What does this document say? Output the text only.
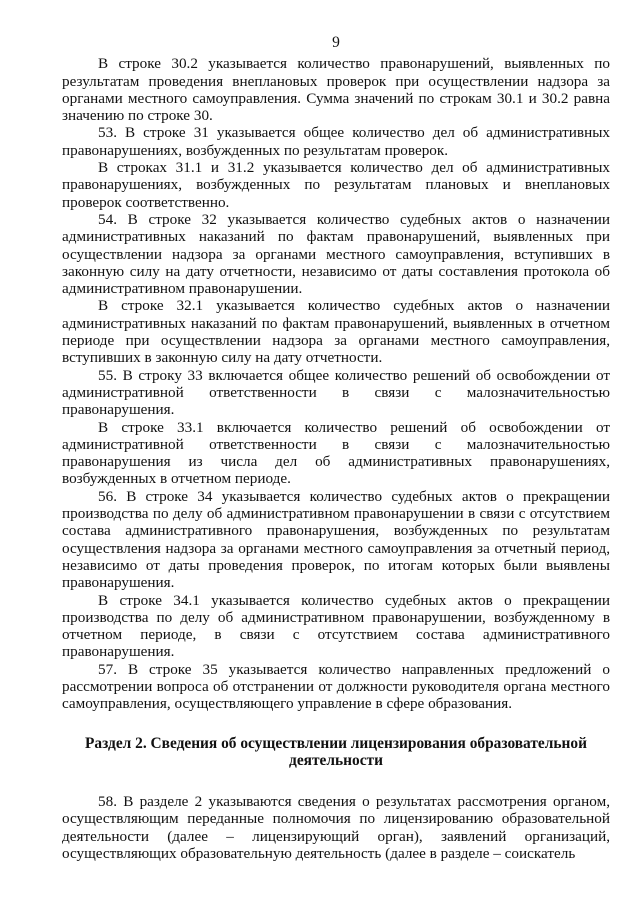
9

В строке 30.2 указывается количество правонарушений, выявленных по результатам проведения внеплановых проверок при осуществлении надзора за органами местного самоуправления. Сумма значений по строкам 30.1 и 30.2 равна значению по строке 30.

53. В строке 31 указывается общее количество дел об административных правонарушениях, возбужденных по результатам проверок.

В строках 31.1 и 31.2 указывается количество дел об административных правонарушениях, возбужденных по результатам плановых и внеплановых проверок соответственно.

54. В строке 32 указывается количество судебных актов о назначении административных наказаний по фактам правонарушений, выявленных при осуществлении надзора за органами местного самоуправления, вступивших в законную силу на дату отчетности, независимо от даты составления протокола об административном правонарушении.

В строке 32.1 указывается количество судебных актов о назначении административных наказаний по фактам правонарушений, выявленных в отчетном периоде при осуществлении надзора за органами местного самоуправления, вступивших в законную силу на дату отчетности.

55. В строку 33 включается общее количество решений об освобождении от административной ответственности в связи с малозначительностью правонарушения.

В строке 33.1 включается количество решений об освобождении от административной ответственности в связи с малозначительностью правонарушения из числа дел об административных правонарушениях, возбужденных в отчетном периоде.

56. В строке 34 указывается количество судебных актов о прекращении производства по делу об административном правонарушении в связи с отсутствием состава административного правонарушения, возбужденных по результатам осуществления надзора за органами местного самоуправления за отчетный период, независимо от даты проведения проверок, по итогам которых были выявлены правонарушения.

В строке 34.1 указывается количество судебных актов о прекращении производства по делу об административном правонарушении, возбужденному в отчетном периоде, в связи с отсутствием состава административного правонарушения.

57. В строке 35 указывается количество направленных предложений о рассмотрении вопроса об отстранении от должности руководителя органа местного самоуправления, осуществляющего управление в сфере образования.

Раздел 2. Сведения об осуществлении лицензирования образовательной деятельности

58. В разделе 2 указываются сведения о результатах рассмотрения органом, осуществляющим переданные полномочия по лицензированию образовательной деятельности (далее – лицензирующий орган), заявлений организаций, осуществляющих образовательную деятельность (далее в разделе – соискатель
